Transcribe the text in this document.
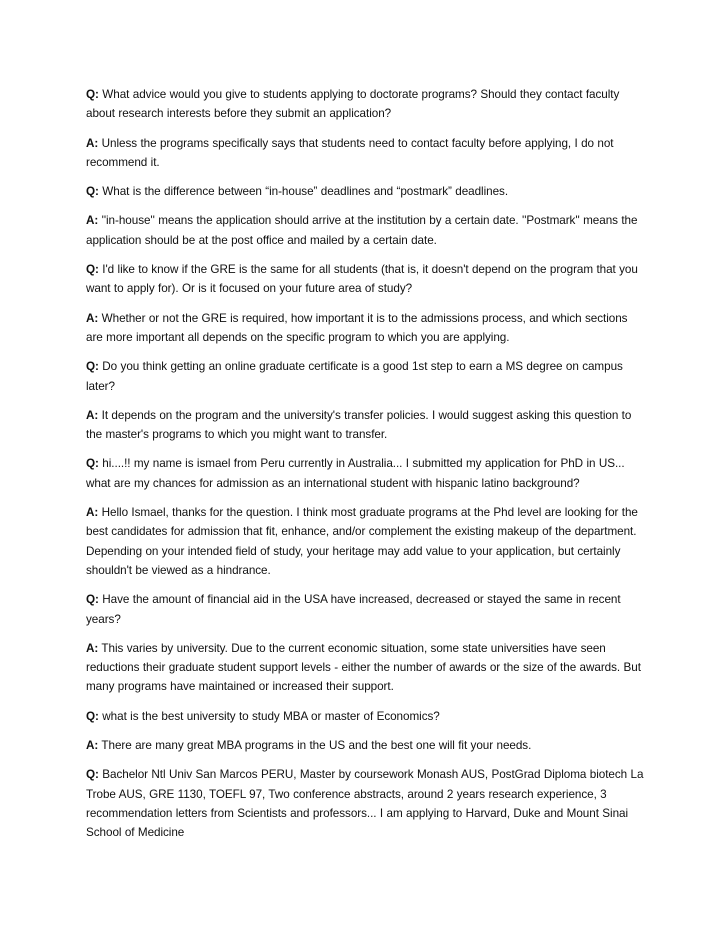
Q: What advice would you give to students applying to doctorate programs? Should they contact faculty about research interests before they submit an application?

A: Unless the programs specifically says that students need to contact faculty before applying, I do not recommend it.

Q: What is the difference between “in-house” deadlines and “postmark” deadlines.

A: ''in-house'' means the application should arrive at the institution by a certain date. ''Postmark'' means the application should be at the post office and mailed by a certain date.

Q: I'd like to know if the GRE is the same for all students (that is, it doesn't depend on the program that you want to apply for). Or is it focused on your future area of study?

A: Whether or not the GRE is required, how important it is to the admissions process, and which sections are more important all depends on the specific program to which you are applying.

Q: Do you think getting an online graduate certificate is a good 1st step to earn a MS degree on campus later?

A: It depends on the program and the university's transfer policies. I would suggest asking this question to the master's programs to which you might want to transfer.

Q: hi....!! my name is ismael from Peru currently in Australia... I submitted my application for PhD in US... what are my chances for admission as an international student with hispanic latino background?

A: Hello Ismael, thanks for the question. I think most graduate programs at the Phd level are looking for the best candidates for admission that fit, enhance, and/or complement the existing makeup of the department. Depending on your intended field of study, your heritage may add value to your application, but certainly shouldn't be viewed as a hindrance.

Q: Have the amount of financial aid in the USA have increased, decreased or stayed the same in recent years?

A: This varies by university. Due to the current economic situation, some state universities have seen reductions their graduate student support levels - either the number of awards or the size of the awards. But many programs have maintained or increased their support.

Q: what is the best university to study MBA or master of Economics?

A: There are many great MBA programs in the US and the best one will fit your needs.

Q: Bachelor Ntl Univ San Marcos PERU, Master by coursework Monash AUS, PostGrad Diploma biotech La Trobe AUS, GRE 1130, TOEFL 97, Two conference abstracts, around 2 years research experience, 3 recommendation letters from Scientists and professors... I am applying to Harvard, Duke and Mount Sinai School of Medicine
